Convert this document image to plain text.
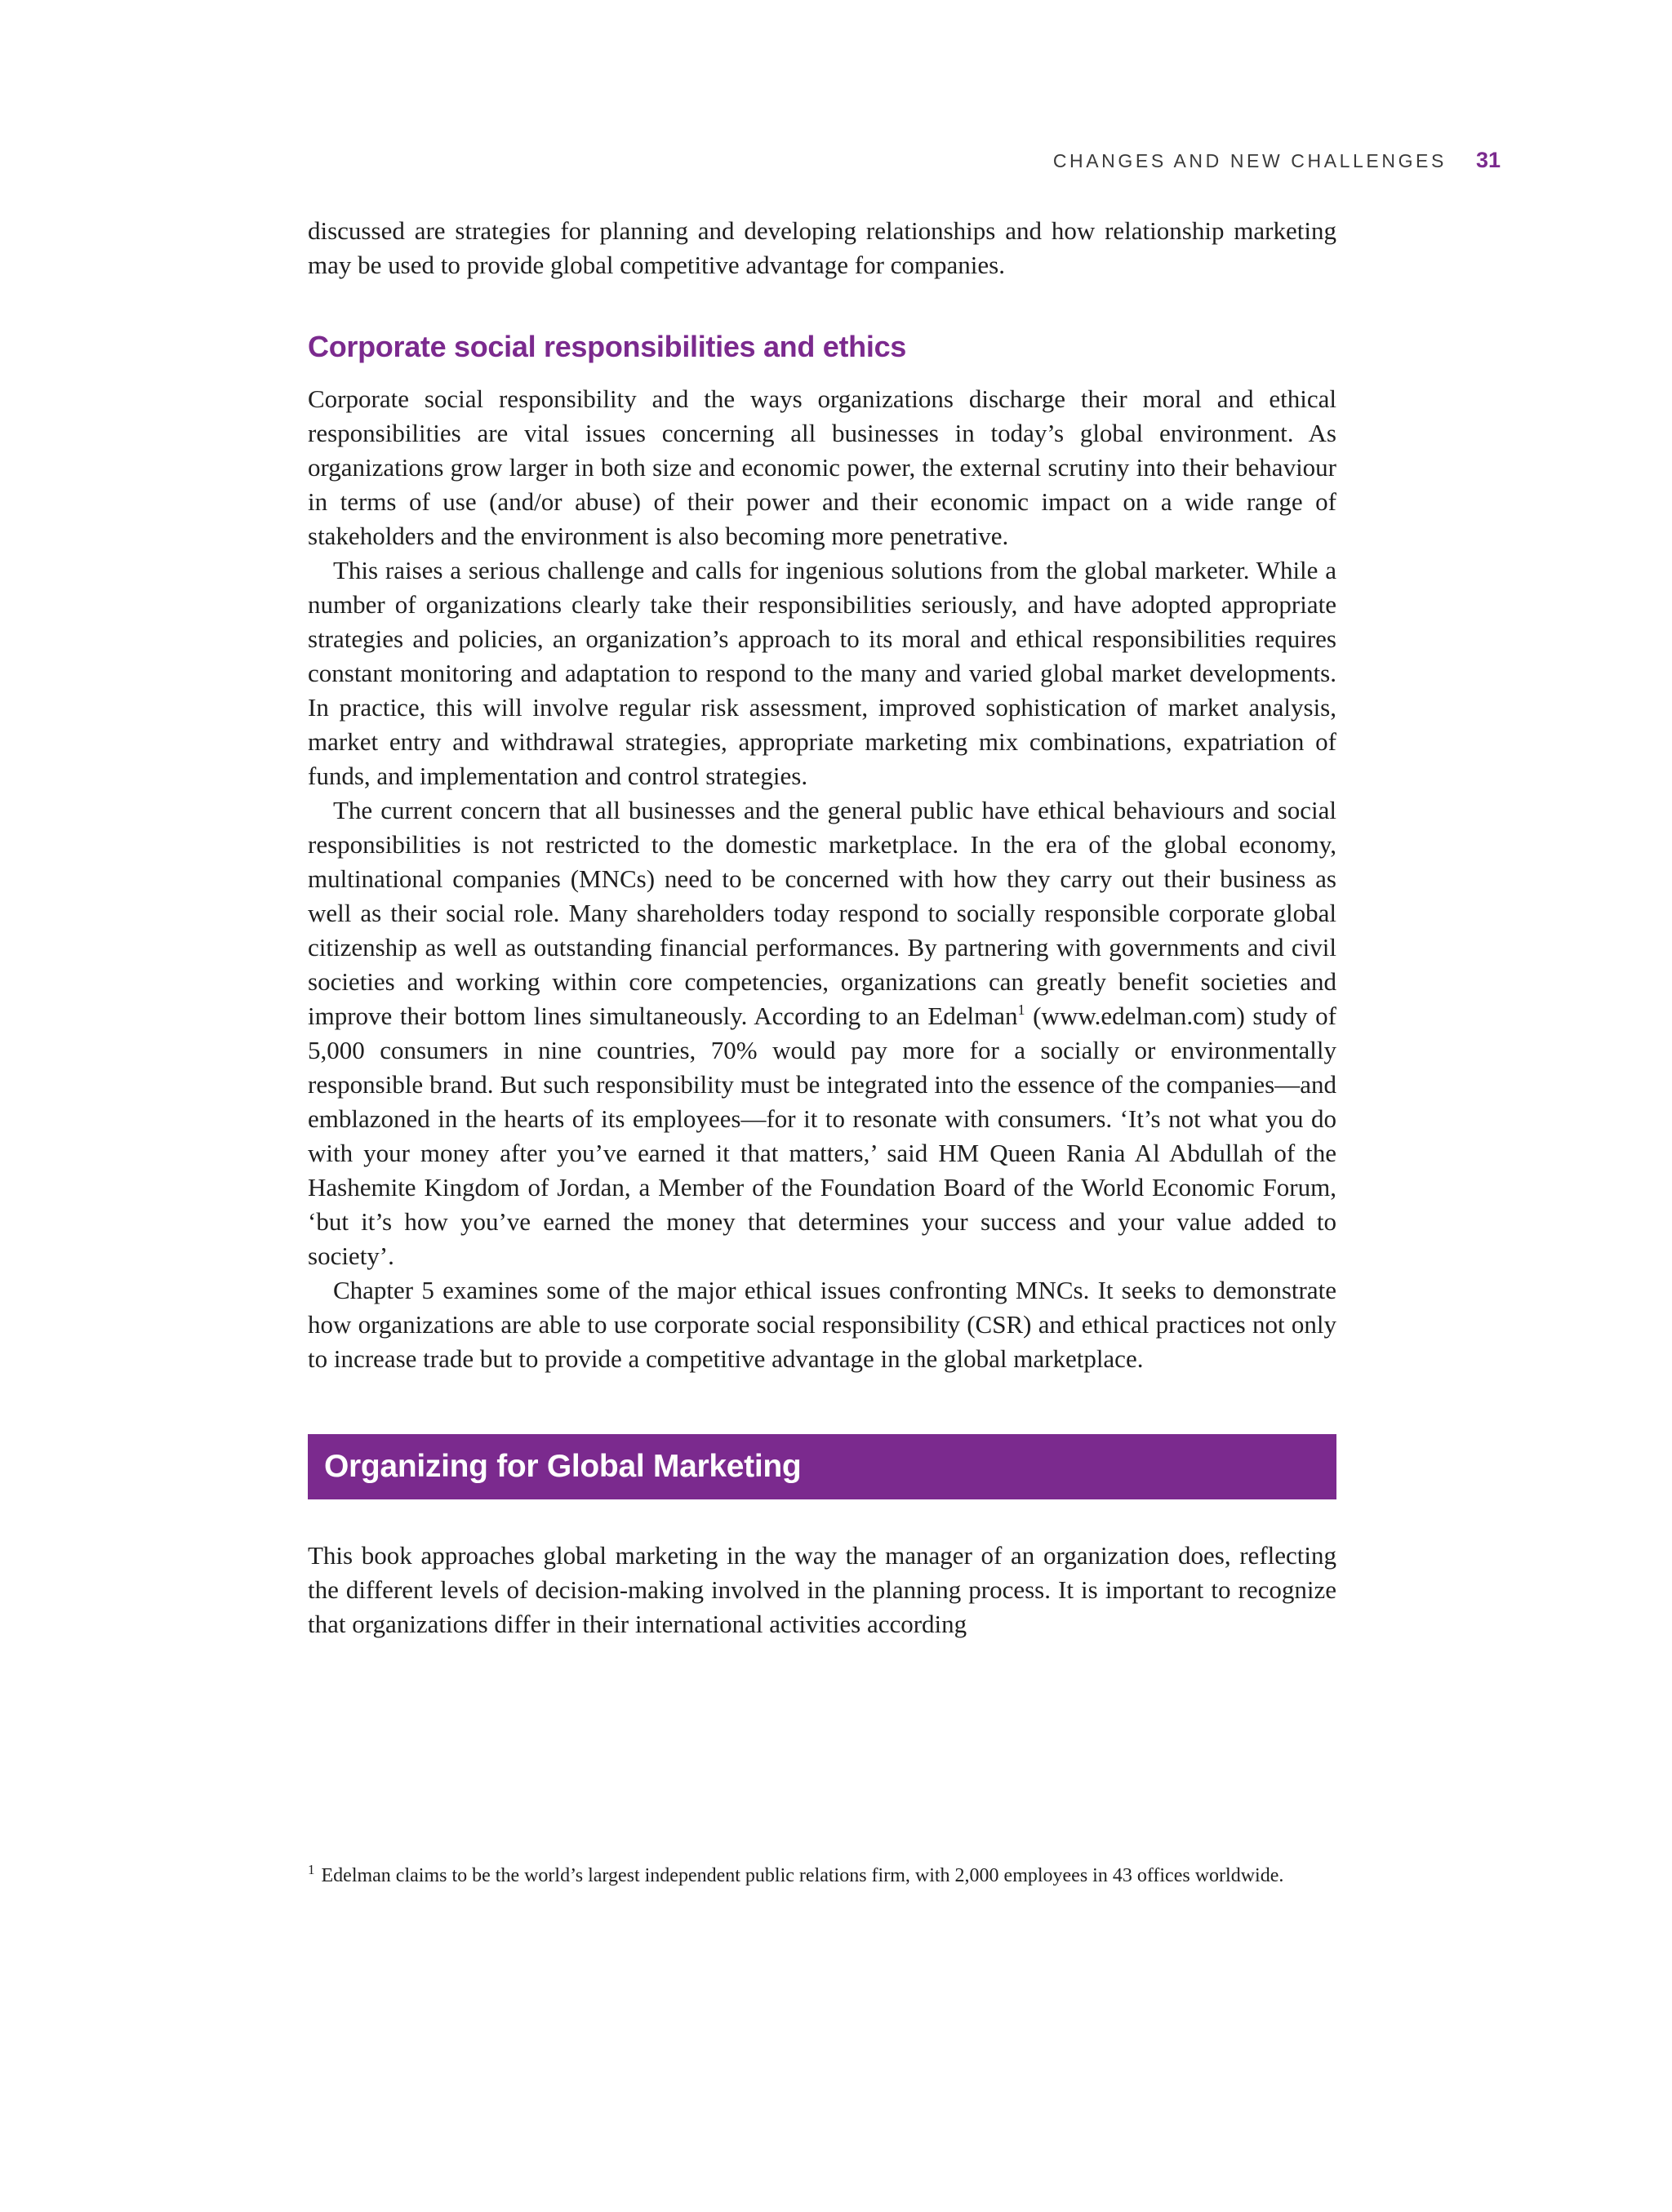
CHANGES AND NEW CHALLENGES 31

discussed are strategies for planning and developing relationships and how relationship marketing may be used to provide global competitive advantage for companies.

Corporate social responsibilities and ethics

Corporate social responsibility and the ways organizations discharge their moral and ethical responsibilities are vital issues concerning all businesses in today’s global environment. As organizations grow larger in both size and economic power, the external scrutiny into their behaviour in terms of use (and/or abuse) of their power and their economic impact on a wide range of stakeholders and the environment is also becoming more penetrative.

This raises a serious challenge and calls for ingenious solutions from the global marketer. While a number of organizations clearly take their responsibilities seriously, and have adopted appropriate strategies and policies, an organization’s approach to its moral and ethical responsibilities requires constant monitoring and adaptation to respond to the many and varied global market developments. In practice, this will involve regular risk assessment, improved sophistication of market analysis, market entry and withdrawal strategies, appropriate marketing mix combinations, expatriation of funds, and implementation and control strategies.

The current concern that all businesses and the general public have ethical behaviours and social responsibilities is not restricted to the domestic marketplace. In the era of the global economy, multinational companies (MNCs) need to be concerned with how they carry out their business as well as their social role. Many shareholders today respond to socially responsible corporate global citizenship as well as outstanding financial performances. By partnering with governments and civil societies and working within core competencies, organizations can greatly benefit societies and improve their bottom lines simultaneously. According to an Edelman$^1$ (www.edelman.com) study of 5,000 consumers in nine countries, 70% would pay more for a socially or environmentally responsible brand. But such responsibility must be integrated into the essence of the companies—and emblazoned in the hearts of its employees—for it to resonate with consumers. ‘It’s not what you do with your money after you’ve earned it that matters,’ said HM Queen Rania Al Abdullah of the Hashemite Kingdom of Jordan, a Member of the Foundation Board of the World Economic Forum, ‘but it’s how you’ve earned the money that determines your success and your value added to society’.

Chapter 5 examines some of the major ethical issues confronting MNCs. It seeks to demonstrate how organizations are able to use corporate social responsibility (CSR) and ethical practices not only to increase trade but to provide a competitive advantage in the global marketplace.

Organizing for Global Marketing

This book approaches global marketing in the way the manager of an organization does, reflecting the different levels of decision-making involved in the planning process. It is important to recognize that organizations differ in their international activities according

$^1$ Edelman claims to be the world’s largest independent public relations firm, with 2,000 employees in 43 offices worldwide.
